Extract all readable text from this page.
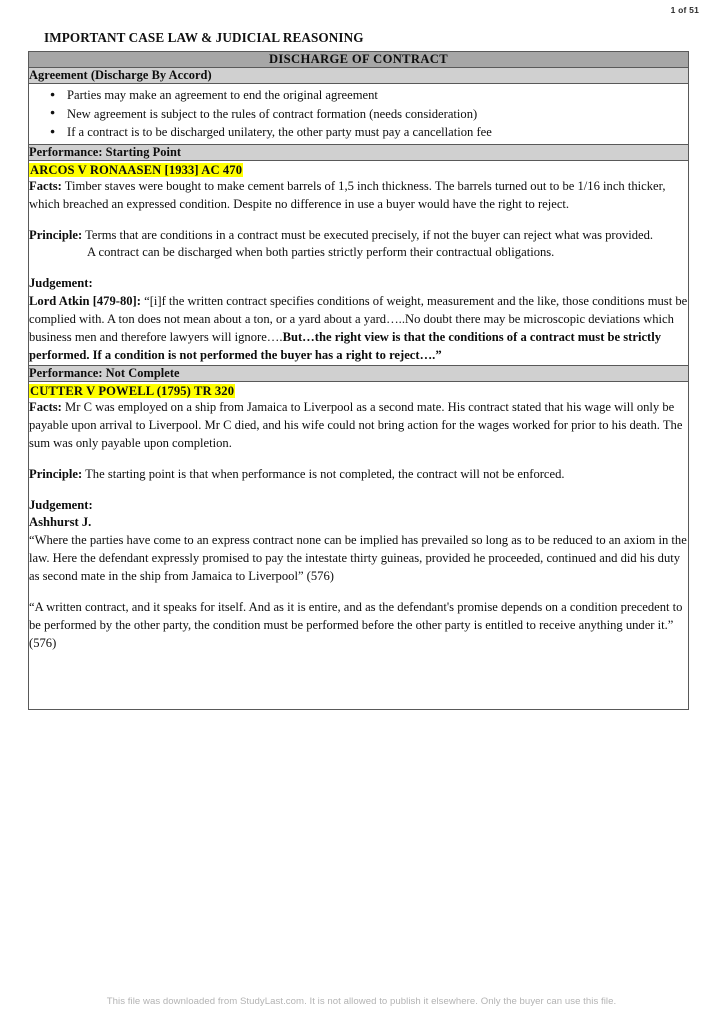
1 of 51
IMPORTANT CASE LAW & JUDICIAL REASONING
DISCHARGE OF CONTRACT
Agreement (Discharge By Accord)

● Parties may make an agreement to end the original agreement
● New agreement is subject to the rules of contract formation (needs consideration)
● If a contract is to be discharged unilatery, the other party must pay a cancellation fee

Performance: Starting Point

ARCOS V RONAASEN [1933] AC 470

Facts: Timber staves were bought to make cement barrels of 1,5 inch thickness. The barrels turned out to be 1/16 inch thicker, which breached an expressed condition. Despite no difference in use a buyer would have the right to reject.

Principle: Terms that are conditions in a contract must be executed precisely, if not the buyer can reject what was provided.

A contract can be discharged when both parties strictly perform their contractual obligations.

Judgement:

Lord Atkin [479-80]: “[i]f the written contract specifies conditions of weight, measurement and the like, those conditions must be complied with. A ton does not mean about a ton, or a yard about a yard…..No doubt there may be microscopic deviations which business men and therefore lawyers will ignore….But…the right view is that the conditions of a contract must be strictly performed. If a condition is not performed the buyer has a right to reject….”

Performance: Not Complete

CUTTER V POWELL (1795) TR 320

Facts: Mr C was employed on a ship from Jamaica to Liverpool as a second mate. His contract stated that his wage will only be payable upon arrival to Liverpool. Mr C died, and his wife could not bring action for the wages worked for prior to his death. The sum was only payable upon completion.

Principle: The starting point is that when performance is not completed, the contract will not be enforced.

Judgement:

Ashhurst J.

“Where the parties have come to an express contract none can be implied has prevailed so long as to be reduced to an axiom in the law. Here the defendant expressly promised to pay the intestate thirty guineas, provided he proceeded, continued and did his duty as second mate in the ship from Jamaica to Liverpool” (576)

“A written contract, and it speaks for itself. And as it is entire, and as the defendant's promise depends on a condition precedent to be performed by the other party, the condition must be performed before the other party is entitled to receive anything under it.” (576)

This file was downloaded from StudyLast.com. It is not allowed to publish it elsewhere. Only the buyer can use this file.
